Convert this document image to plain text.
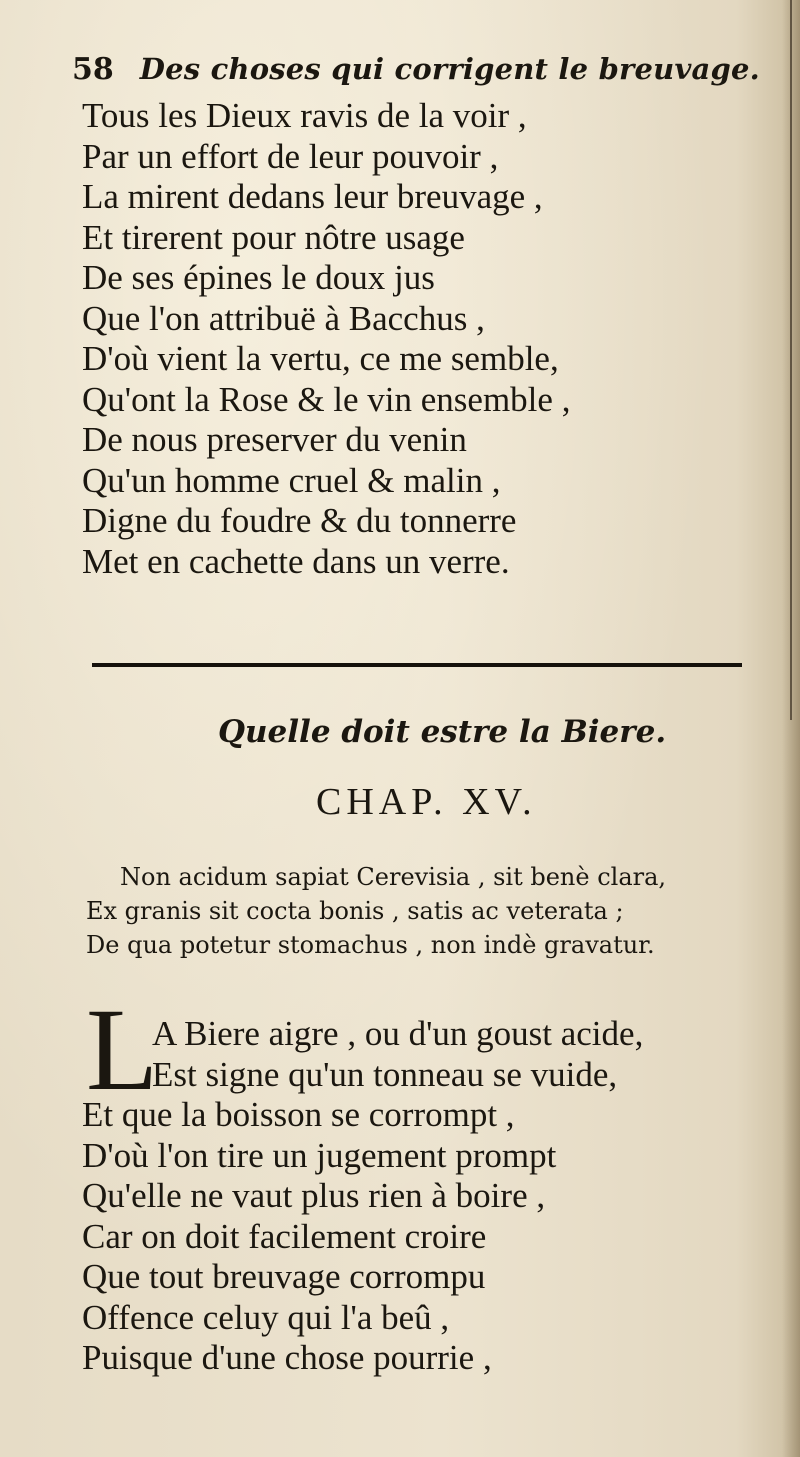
58 Des choses qui corrigent le breuvage.
Tous les Dieux ravis de la voir ,
Par un effort de leur pouvoir ,
La mirent dedans leur breuvage ,
Et tirerent pour nôtre usage
De ses épines le doux jus
Que l'on attribuë à Bacchus ,
D'où vient la vertu, ce me semble,
Qu'ont la Rose & le vin ensemble ,
De nous preserver du venin
Qu'un homme cruel & malin ,
Digne du foudre & du tonnerre
Met en cachette dans un verre.
Quelle doit estre la Biere.
CHAP. XV.
Non acidum sapiat Cerevisia , sit benè clara,
Ex granis sit cocta bonis , satis ac veterata ;
De qua potetur stomachus , non indè gravatur.
L
A Biere aigre , ou d'un goust acide,
Est signe qu'un tonneau se vuide,
Et que la boisson se corrompt ,
D'où l'on tire un jugement prompt
Qu'elle ne vaut plus rien à boire ,
Car on doit facilement croire
Que tout breuvage corrompu
Offence celuy qui l'a beû ,
Puisque d'une chose pourrie ,
